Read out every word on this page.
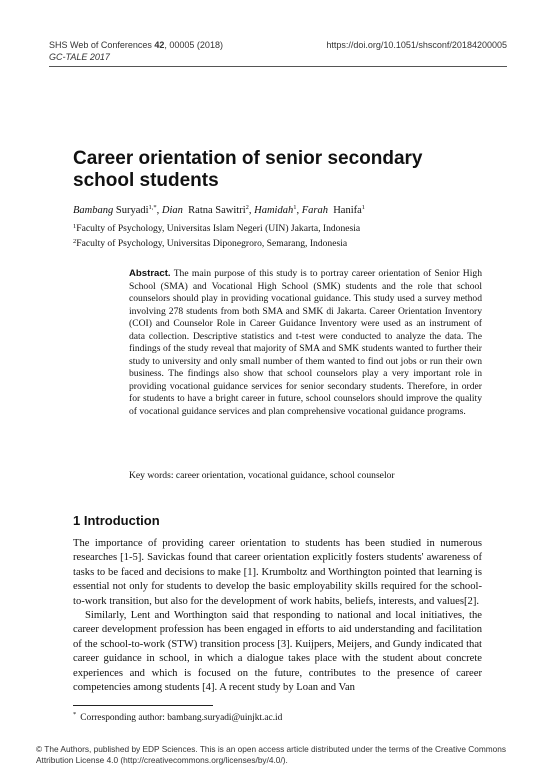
SHS Web of Conferences 42, 00005 (2018)	https://doi.org/10.1051/shsconf/20184200005
GC-TALE 2017
Career orientation of senior secondary school students
Bambang Suryadi$^{1,*}$, Dian Ratna Sawitri$^2$, Hamidah$^1$, Farah Hanifa$^1$
$^1$Faculty of Psychology, Universitas Islam Negeri (UIN) Jakarta, Indonesia
$^2$Faculty of Psychology, Universitas Diponegroro, Semarang, Indonesia
Abstract. The main purpose of this study is to portray career orientation of Senior High School (SMA) and Vocational High School (SMK) students and the role that school counselors should play in providing vocational guidance. This study used a survey method involving 278 students from both SMA and SMK di Jakarta. Career Orientation Inventory (COI) and Counselor Role in Career Guidance Inventory were used as an instrument of data collection. Descriptive statistics and t-test were conducted to analyze the data. The findings of the study reveal that majority of SMA and SMK students wanted to further their study to university and only small number of them wanted to find out jobs or run their own business. The findings also show that school counselors play a very important role in providing vocational guidance services for senior secondary students. Therefore, in order for students to have a bright career in future, school counselors should improve the quality of vocational guidance services and plan comprehensive vocational guidance programs.
Key words: career orientation, vocational guidance, school counselor
1 Introduction

The importance of providing career orientation to students has been studied in numerous researches [1-5]. Savickas found that career orientation explicitly fosters students' awareness of tasks to be faced and decisions to make [1]. Krumboltz and Worthington pointed that learning is essential not only for students to develop the basic employability skills required for the school-to-work transition, but also for the development of work habits, beliefs, interests, and values[2].

Similarly, Lent and Worthington said that responding to national and local initiatives, the career development profession has been engaged in efforts to aid understanding and facilitation of the school-to-work (STW) transition process [3]. Kuijpers, Meijers, and Gundy indicated that career guidance in school, in which a dialogue takes place with the student about concrete experiences and which is focused on the future, contributes to the presence of career competencies among students [4]. A recent study by Loan and Van

* Corresponding author: bambang.suryadi@uinjkt.ac.id
© The Authors, published by EDP Sciences. This is an open access article distributed under the terms of the Creative Commons Attribution License 4.0 (http://creativecommons.org/licenses/by/4.0/).
